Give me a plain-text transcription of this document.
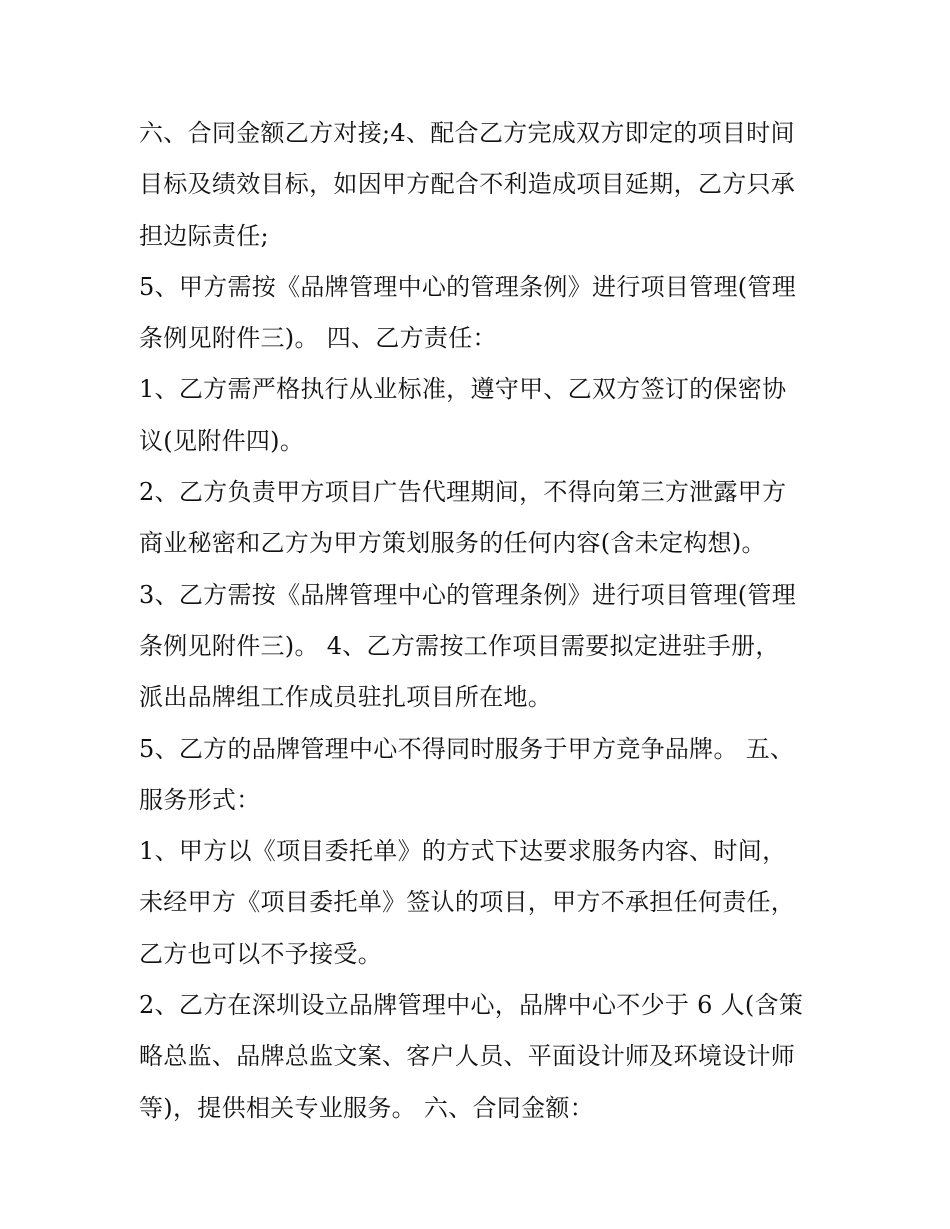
六、合同金额乙方对接;4、配合乙方完成双方即定的项目时间
目标及绩效目标，如因甲方配合不利造成项目延期，乙方只承
担边际责任;
5、甲方需按《品牌管理中心的管理条例》进行项目管理(管理
条例见附件三)。 四、乙方责任：
1、乙方需严格执行从业标准，遵守甲、乙双方签订的保密协
议(见附件四)。
2、乙方负责甲方项目广告代理期间，不得向第三方泄露甲方
商业秘密和乙方为甲方策划服务的任何内容(含未定构想)。
3、乙方需按《品牌管理中心的管理条例》进行项目管理(管理
条例见附件三)。 4、乙方需按工作项目需要拟定进驻手册，
派出品牌组工作成员驻扎项目所在地。
5、乙方的品牌管理中心不得同时服务于甲方竞争品牌。 五、
服务形式：
1、甲方以《项目委托单》的方式下达要求服务内容、时间，
未经甲方《项目委托单》签认的项目，甲方不承担任何责任，
乙方也可以不予接受。
2、乙方在深圳设立品牌管理中心，品牌中心不少于 6 人(含策
略总监、品牌总监文案、客户人员、平面设计师及环境设计师
等)，提供相关专业服务。 六、合同金额：
